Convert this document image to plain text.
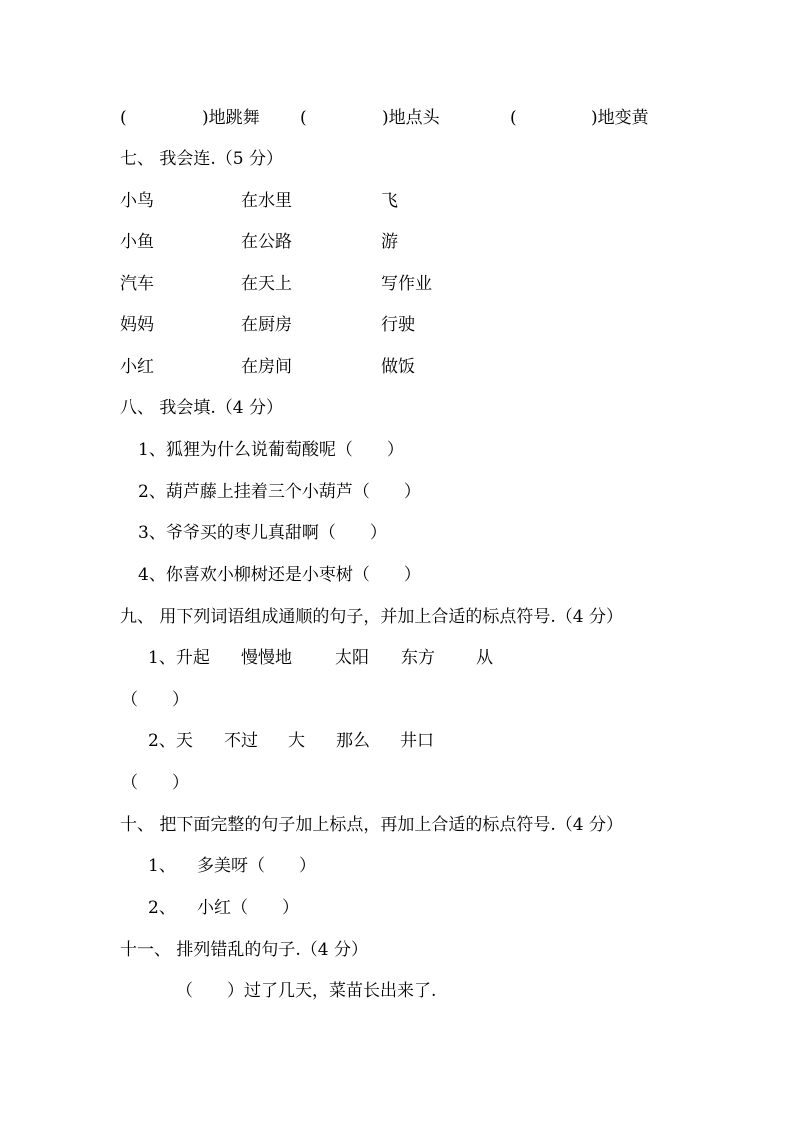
(	)地跳舞 (	)地点头	(	)地变黄
七、 我会连.（5 分）
小鸟	在水里	飞
小鱼	在公路	游
汽车	在天上	写作业
妈妈	在厨房	行驶
小红	在房间	做饭
八、 我会填.（4 分）
1、狐狸为什么说葡萄酸呢（　　）
2、葫芦藤上挂着三个小葫芦（　　）
3、爷爷买的枣儿真甜啊（　　）
4、你喜欢小柳树还是小枣树（　　）
九、 用下列词语组成通顺的句子，并加上合适的标点符号.（4 分）
1、升起 慢慢地	太阳 东方 从
（　　）
2、天 不过 大 那么 井口
（　　）
十、 把下面完整的句子加上标点，再加上合适的标点符号.（4 分）
1、 多美呀（　　）
2、 小红（　　）
十一、 排列错乱的句子.（4 分）
（　　）过了几天，菜苗长出来了.
